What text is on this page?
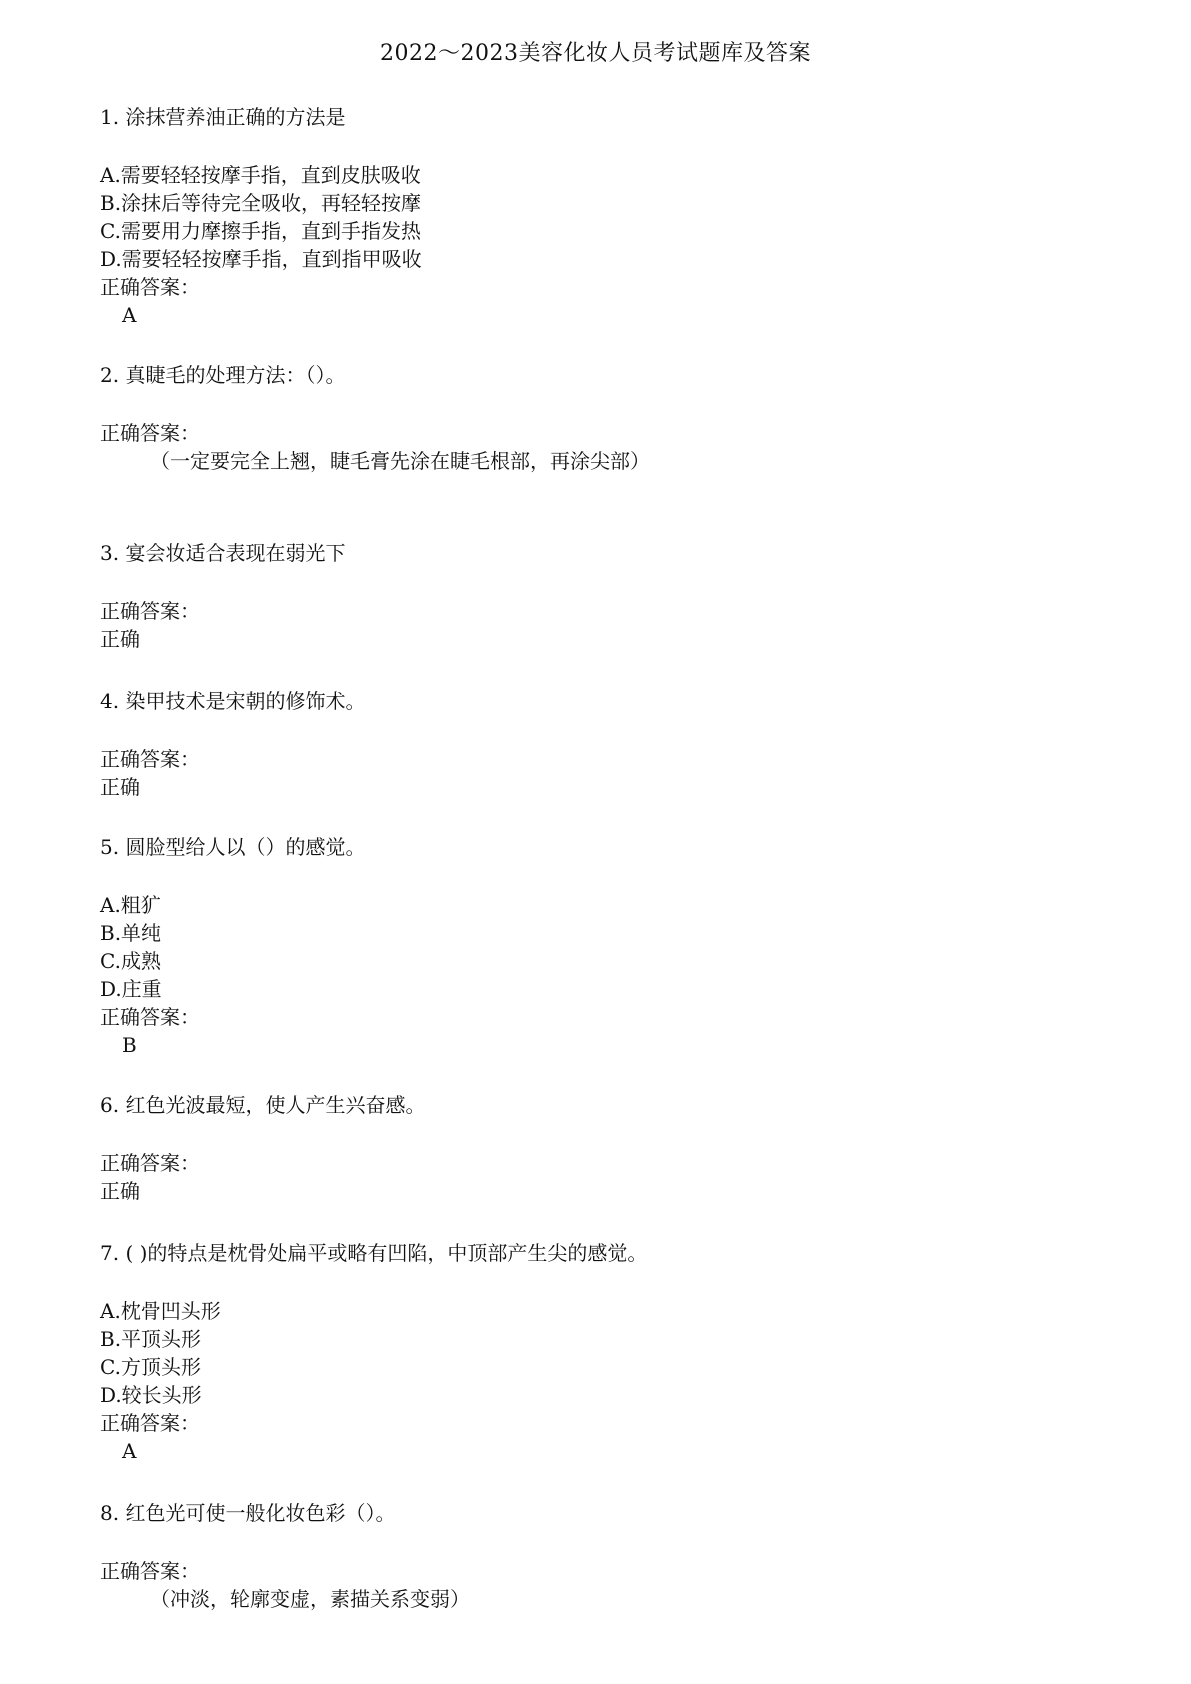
2022～2023美容化妆人员考试题库及答案
1. 涂抹营养油正确的方法是
A.需要轻轻按摩手指，直到皮肤吸收
B.涂抹后等待完全吸收，再轻轻按摩
C.需要用力摩擦手指，直到手指发热
D.需要轻轻按摩手指，直到指甲吸收
正确答案：
A
2. 真睫毛的处理方法：（）。
正确答案：
（一定要完全上翘，睫毛膏先涂在睫毛根部，再涂尖部）
3. 宴会妆适合表现在弱光下
正确答案：
正确
4. 染甲技术是宋朝的修饰术。
正确答案：
正确
5. 圆脸型给人以（）的感觉。
A.粗犷
B.单纯
C.成熟
D.庄重
正确答案：
B
6. 红色光波最短，使人产生兴奋感。
正确答案：
正确
7. ( )的特点是枕骨处扁平或略有凹陷，中顶部产生尖的感觉。
A.枕骨凹头形
B.平顶头形
C.方顶头形
D.较长头形
正确答案：
A
8. 红色光可使一般化妆色彩（）。
正确答案：
（冲淡，轮廓变虚，素描关系变弱）
